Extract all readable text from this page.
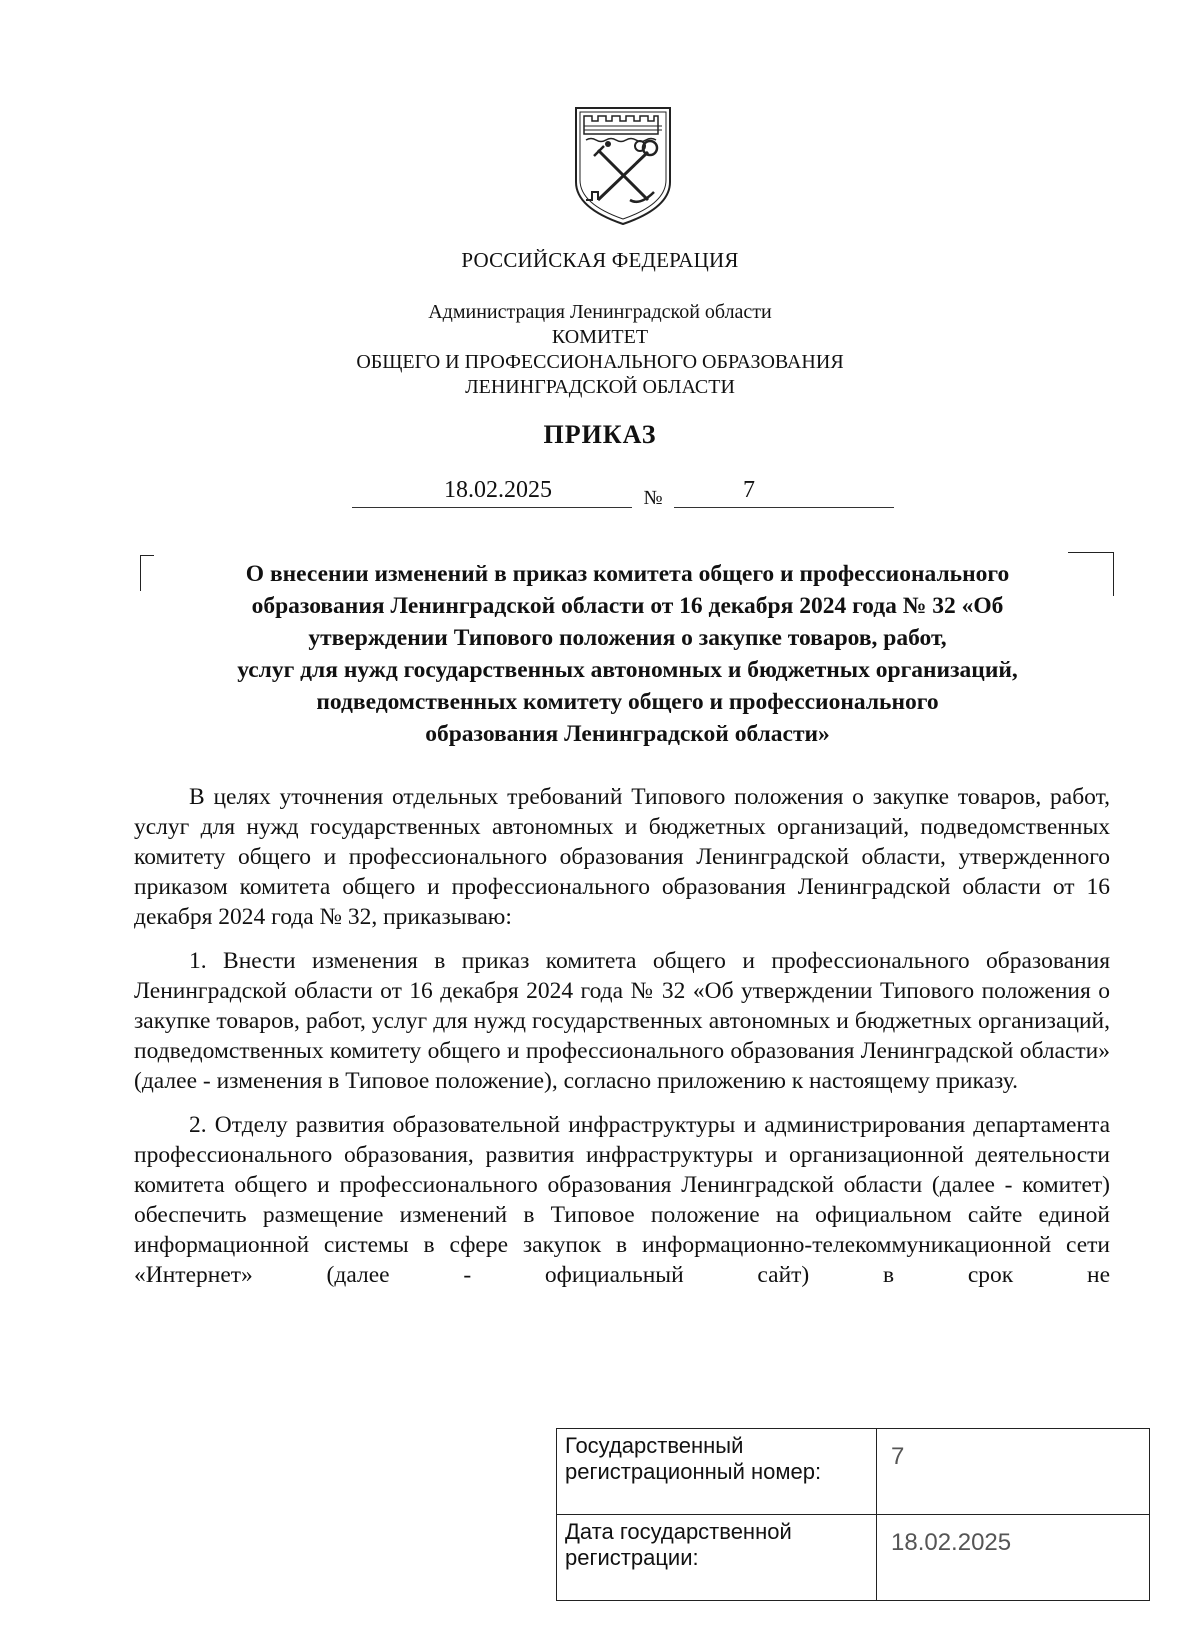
РОССИЙСКАЯ ФЕДЕРАЦИЯ
Администрация Ленинградской области
КОМИТЕТ
ОБЩЕГО И ПРОФЕССИОНАЛЬНОГО ОБРАЗОВАНИЯ
ЛЕНИНГРАДСКОЙ ОБЛАСТИ
ПРИКАЗ
18.02.2025	№	7
О внесении изменений в приказ комитета общего и профессионального
образования Ленинградской области от 16 декабря 2024 года № 32 «Об
утверждении Типового положения о закупке товаров, работ,
услуг для нужд государственных автономных и бюджетных организаций,
подведомственных комитету общего и профессионального
образования Ленинградской области»

В целях уточнения отдельных требований Типового положения о закупке товаров, работ, услуг для нужд государственных автономных и бюджетных организаций, подведомственных комитету общего и профессионального образования Ленинградской области, утвержденного приказом комитета общего и профессионального образования Ленинградской области от 16 декабря 2024 года № 32, приказываю:

1. Внести изменения в приказ комитета общего и профессионального образования Ленинградской области от 16 декабря 2024 года № 32 «Об утверждении Типового положения о закупке товаров, работ, услуг для нужд государственных автономных и бюджетных организаций, подведомственных комитету общего и профессионального образования Ленинградской области» (далее - изменения в Типовое положение), согласно приложению к настоящему приказу.

2. Отделу развития образовательной инфраструктуры и администрирования департамента профессионального образования, развития инфраструктуры и организационной деятельности комитета общего и профессионального образования Ленинградской области (далее - комитет) обеспечить размещение изменений в Типовое положение на официальном сайте единой информационной системы в сфере закупок в информационно-телекоммуникационной сети «Интернет» (далее - официальный сайт) в срок не

Государственный регистрационный номер:	7
Дата государственной регистрации:	18.02.2025
